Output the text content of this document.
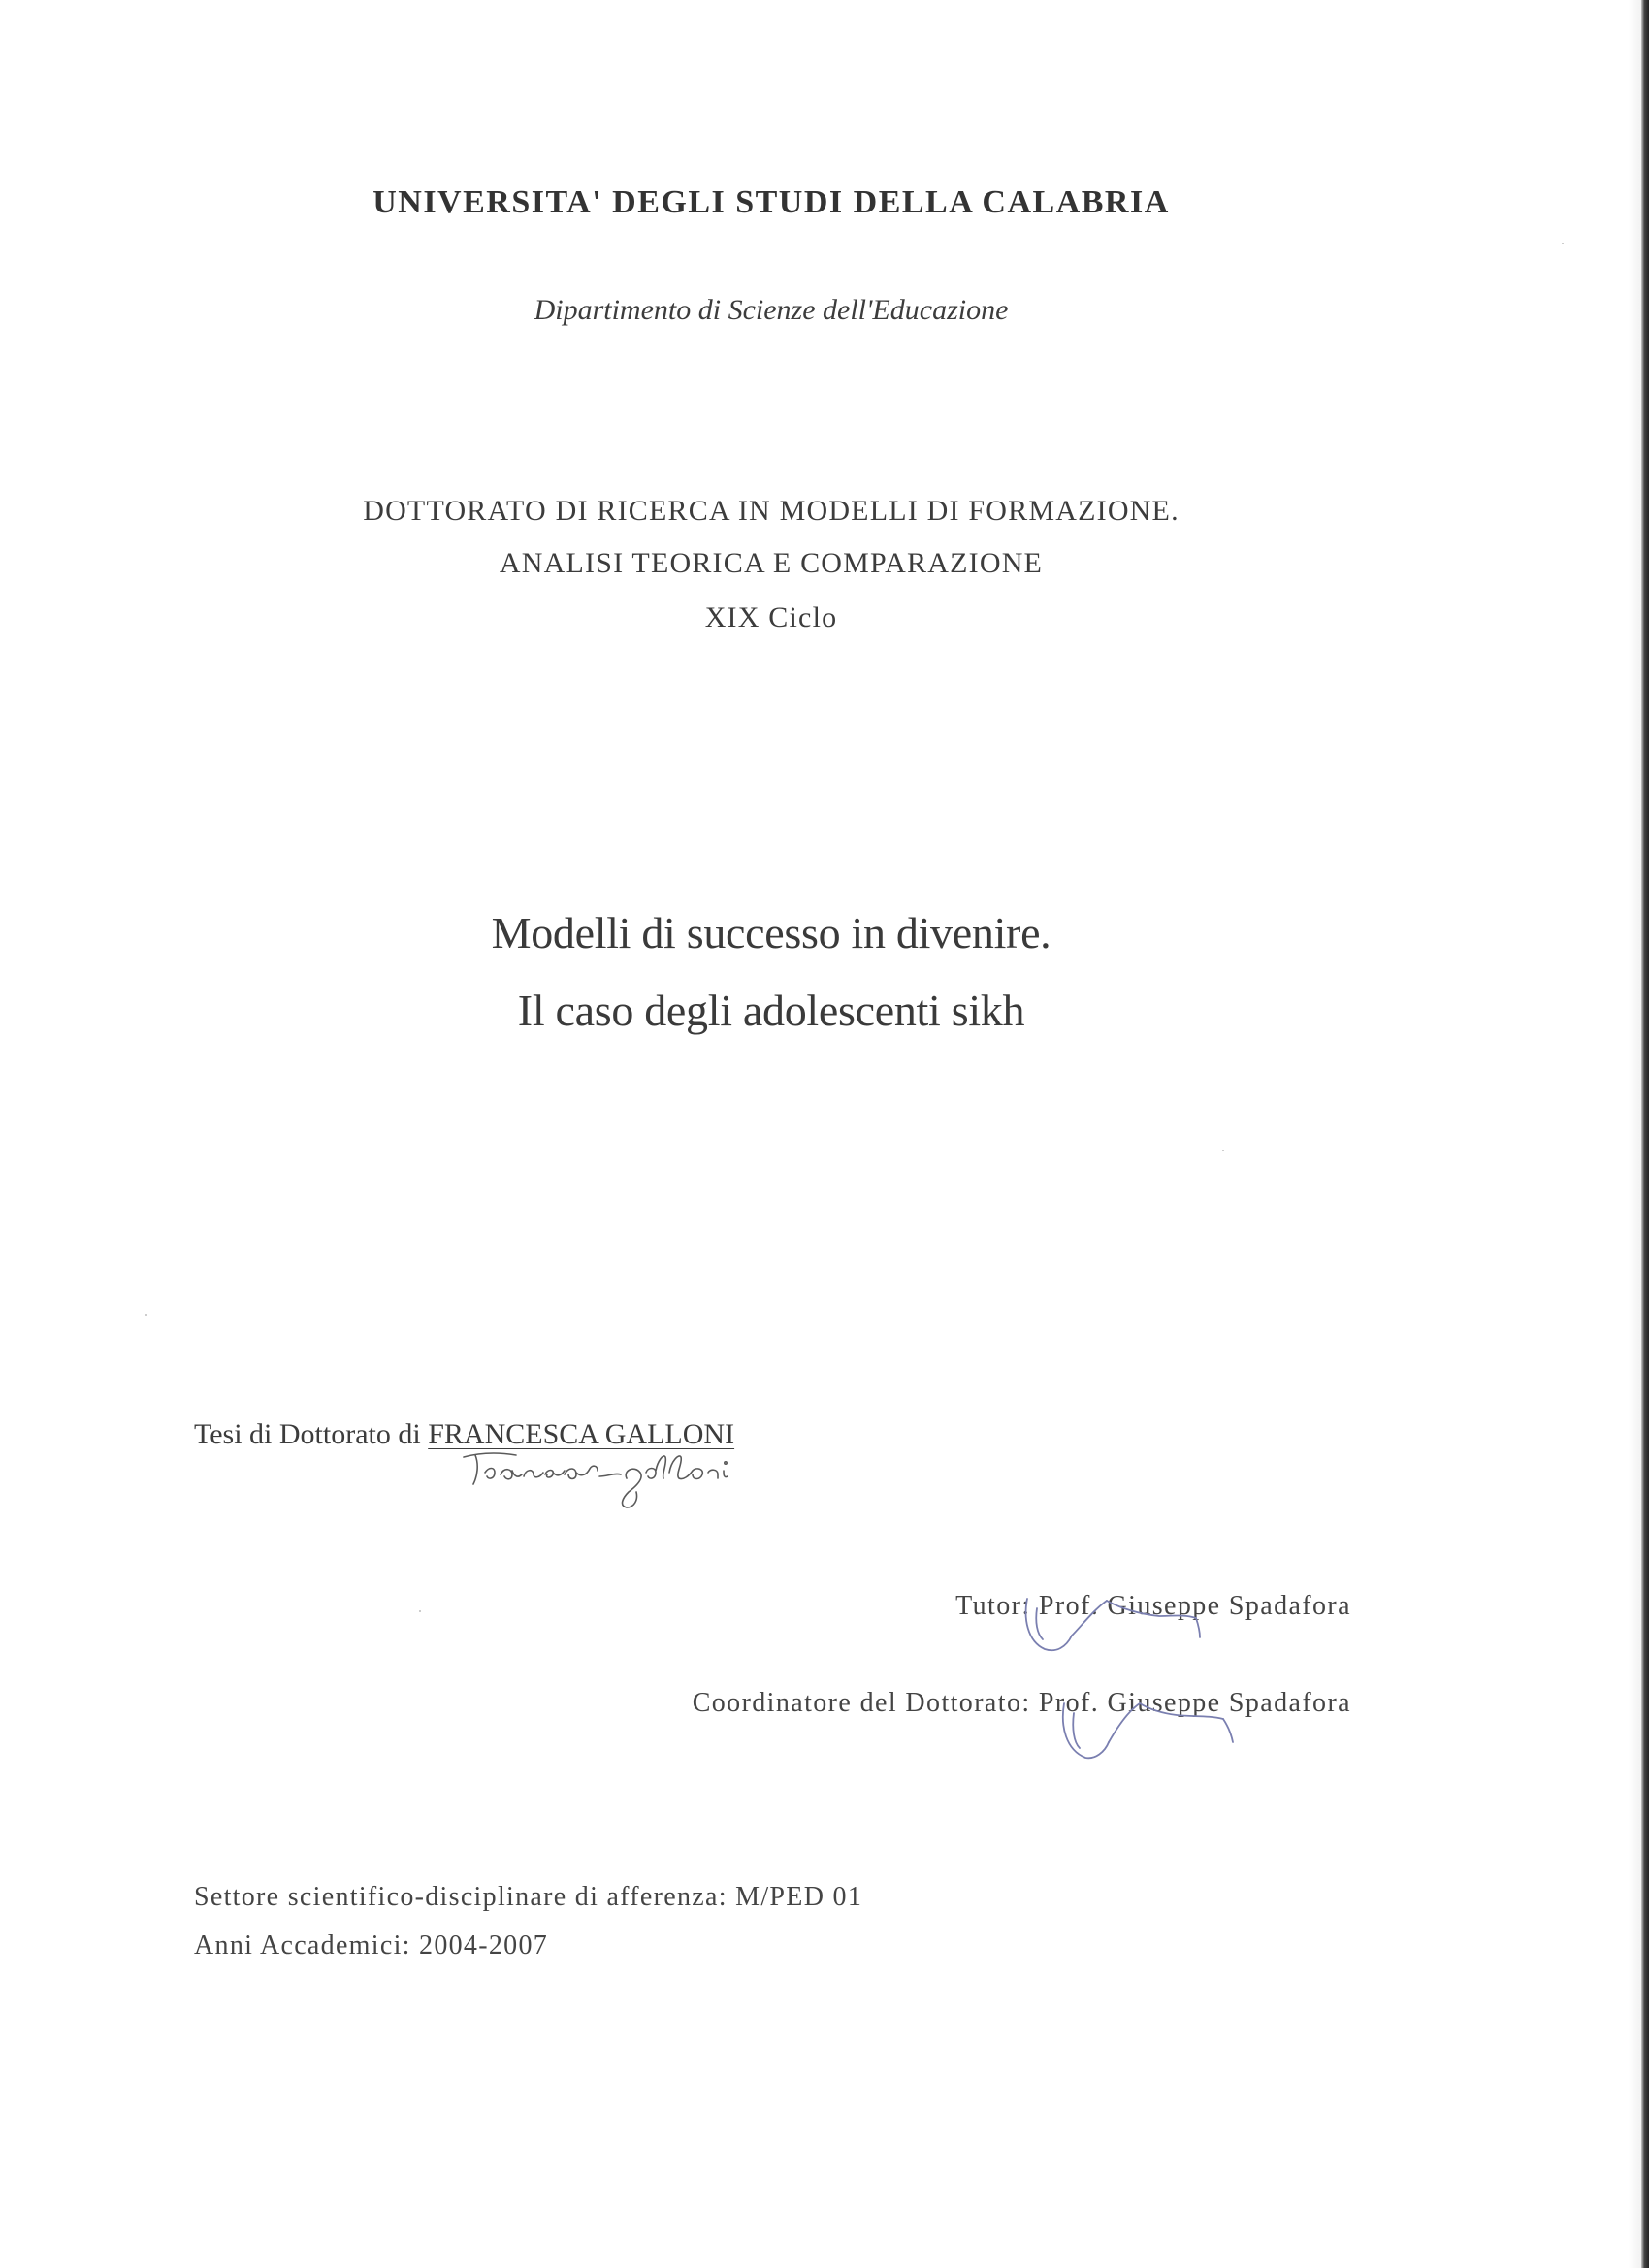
UNIVERSITA' DEGLI STUDI DELLA CALABRIA
Dipartimento di Scienze dell'Educazione
DOTTORATO DI RICERCA IN MODELLI DI FORMAZIONE.
ANALISI TEORICA E COMPARAZIONE
XIX Ciclo
Modelli di successo in divenire.
Il caso degli adolescenti sikh
Tesi di Dottorato di FRANCESCA GALLONI
Tutor: Prof. Giuseppe Spadafora
Coordinatore del Dottorato: Prof. Giuseppe Spadafora
Settore scientifico-disciplinare di afferenza: M/PED 01
Anni Accademici: 2004-2007
